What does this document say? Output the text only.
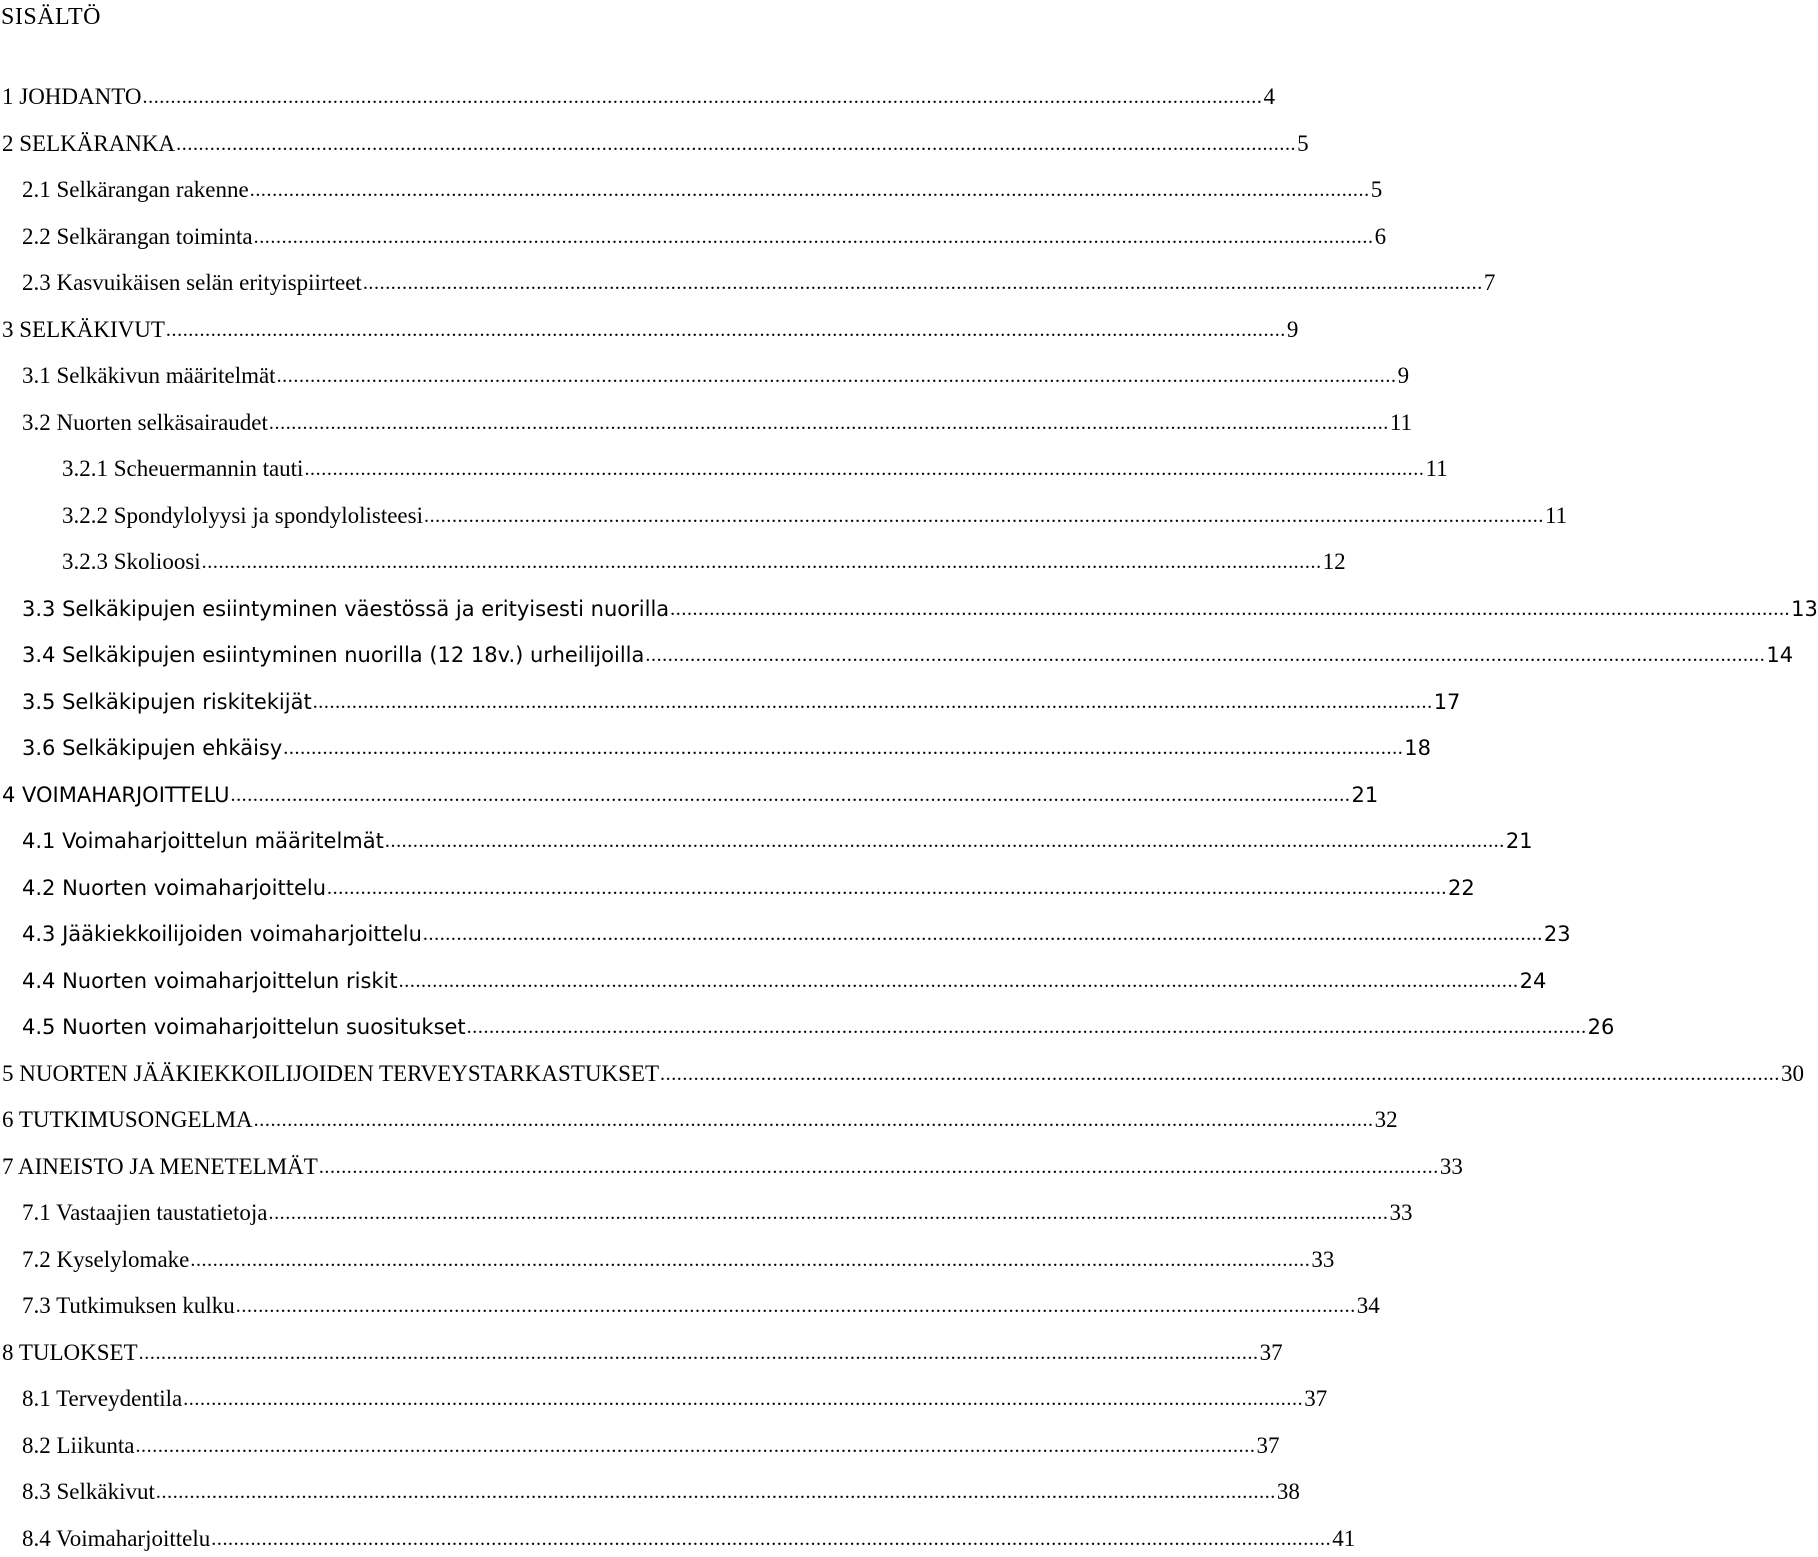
SISÄLTÖ
1 JOHDANTO ........................................................................................................................................................................................................ 4
2 SELKÄRANKA ........................................................................................................................................................................................................ 5
2.1 Selkärangan rakenne ........................................................................................................................................................................................................ 5
2.2 Selkärangan toiminta ........................................................................................................................................................................................................ 6
2.3 Kasvuikäisen selän erityispiirteet ........................................................................................................................................................................................................ 7
3 SELKÄKIVUT ........................................................................................................................................................................................................ 9
3.1 Selkäkivun määritelmät ........................................................................................................................................................................................................ 9
3.2 Nuorten selkäsairaudet ........................................................................................................................................................................................................ 11
3.2.1 Scheuermannin tauti ........................................................................................................................................................................................................ 11
3.2.2 Spondylolyysi ja spondylolisteesi ........................................................................................................................................................................................................ 11
3.2.3 Skolioosi ........................................................................................................................................................................................................ 12
3.3 Selkäkipujen esiintyminen väestössä ja erityisesti nuorilla ........................................................................................................................................................................................................ 13
3.4 Selkäkipujen esiintyminen nuorilla (12 18v.) urheilijoilla ........................................................................................................................................................................................................ 14
3.5 Selkäkipujen riskitekijät ........................................................................................................................................................................................................ 17
3.6 Selkäkipujen ehkäisy ........................................................................................................................................................................................................ 18
4 VOIMAHARJOITTELU ........................................................................................................................................................................................................ 21
4.1 Voimaharjoittelun määritelmät ........................................................................................................................................................................................................ 21
4.2 Nuorten voimaharjoittelu ........................................................................................................................................................................................................ 22
4.3 Jääkiekkoilijoiden voimaharjoittelu ........................................................................................................................................................................................................ 23
4.4 Nuorten voimaharjoittelun riskit ........................................................................................................................................................................................................ 24
4.5 Nuorten voimaharjoittelun suositukset ........................................................................................................................................................................................................ 26
5 NUORTEN JÄÄKIEKKOILIJOIDEN TERVEYSTARKASTUKSET ........................................................................................................................................................................................................ 30
6 TUTKIMUSONGELMA ........................................................................................................................................................................................................ 32
7 AINEISTO JA MENETELMÄT ........................................................................................................................................................................................................ 33
7.1 Vastaajien taustatietoja ........................................................................................................................................................................................................ 33
7.2 Kyselylomake ........................................................................................................................................................................................................ 33
7.3 Tutkimuksen kulku ........................................................................................................................................................................................................ 34
8 TULOKSET ........................................................................................................................................................................................................ 37
8.1 Terveydentila ........................................................................................................................................................................................................ 37
8.2 Liikunta ........................................................................................................................................................................................................ 37
8.3 Selkäkivut ........................................................................................................................................................................................................ 38
8.4 Voimaharjoittelu ........................................................................................................................................................................................................ 41
